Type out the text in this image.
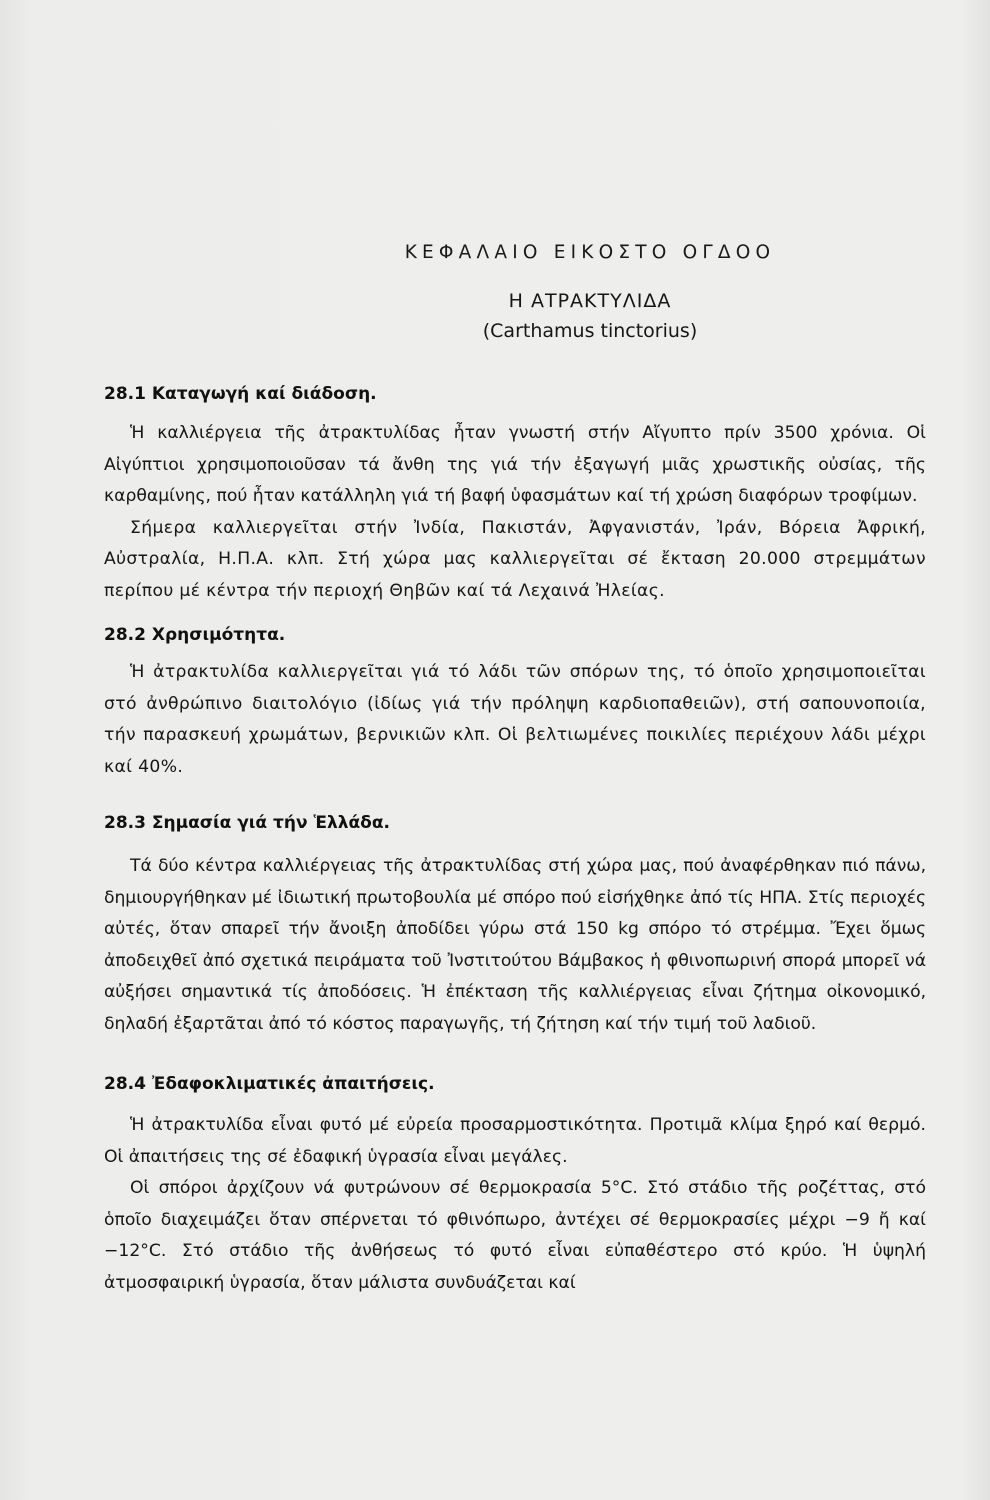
ΚΕΦΑΛΑΙΟ ΕΙΚΟΣΤΟ ΟΓΔΟΟ
Η ΑΤΡΑΚΤΥΛΙΔΑ
(Carthamus tinctorius)
28.1 Καταγωγή καί διάδοση.

Ἡ καλλιέργεια τῆς ἀτρακτυλίδας ἦταν γνωστή στήν Αἴγυπτο πρίν 3500 χρόνια. Οἱ Αἰγύπτιοι χρησιμοποιοῦσαν τά ἄνθη της γιά τήν ἐξαγωγή μιᾶς χρωστικῆς οὐσίας, τῆς καρθαμίνης, πού ἦταν κατάλληλη γιά τή βαφή ὑφασμάτων καί τή χρώση διαφόρων τροφίμων.

Σήμερα καλλιεργεῖται στήν Ἰνδία, Πακιστάν, Ἀφγανιστάν, Ἰράν, Βόρεια Ἀφρική, Αὐστραλία, Η.Π.Α. κλπ. Στή χώρα μας καλλιεργεῖται σέ ἔκταση 20.000 στρεμμάτων περίπου μέ κέντρα τήν περιοχή Θηβῶν καί τά Λεχαινά Ἠλείας.

28.2 Χρησιμότητα.

Ἡ ἀτρακτυλίδα καλλιεργεῖται γιά τό λάδι τῶν σπόρων της, τό ὁποῖο χρησιμοποιεῖται στό ἀνθρώπινο διαιτολόγιο (ἰδίως γιά τήν πρόληψη καρδιοπαθειῶν), στή σαπουνοποιία, τήν παρασκευή χρωμάτων, βερνικιῶν κλπ. Οἱ βελτιωμένες ποικιλίες περιέχουν λάδι μέχρι καί 40%.

28.3 Σημασία γιά τήν Ἑλλάδα.

Τά δύο κέντρα καλλιέργειας τῆς ἀτρακτυλίδας στή χώρα μας, πού ἀναφέρθηκαν πιό πάνω, δημιουργήθηκαν μέ ἰδιωτική πρωτοβουλία μέ σπόρο πού εἰσήχθηκε ἀπό τίς ΗΠΑ. Στίς περιοχές αὐτές, ὅταν σπαρεῖ τήν ἄνοιξη ἀποδίδει γύρω στά 150 kg σπόρο τό στρέμμα. Ἔχει ὅμως ἀποδειχθεῖ ἀπό σχετικά πειράματα τοῦ Ἰνστιτούτου Βάμβακος ἡ φθινοπωρινή σπορά μπορεῖ νά αὐξήσει σημαντικά τίς ἀποδόσεις. Ἡ ἐπέκταση τῆς καλλιέργειας εἶναι ζήτημα οἰκονομικό, δηλαδή ἐξαρτᾶται ἀπό τό κόστος παραγωγῆς, τή ζήτηση καί τήν τιμή τοῦ λαδιοῦ.

28.4 Ἐδαφοκλιματικές ἀπαιτήσεις.

Ἡ ἀτρακτυλίδα εἶναι φυτό μέ εὐρεία προσαρμοστικότητα. Προτιμᾶ κλίμα ξηρό καί θερμό. Οἱ ἀπαιτήσεις της σέ ἐδαφική ὑγρασία εἶναι μεγάλες.

Οἱ σπόροι ἀρχίζουν νά φυτρώνουν σέ θερμοκρασία 5°C. Στό στάδιο τῆς ροζέττας, στό ὁποῖο διαχειμάζει ὅταν σπέρνεται τό φθινόπωρο, ἀντέχει σέ θερμοκρασίες μέχρι −9 ἤ καί −12°C. Στό στάδιο τῆς ἀνθήσεως τό φυτό εἶναι εὐπαθέστερο στό κρύο. Ἡ ὑψηλή ἀτμοσφαιρική ὑγρασία, ὅταν μάλιστα συνδυάζεται καί
